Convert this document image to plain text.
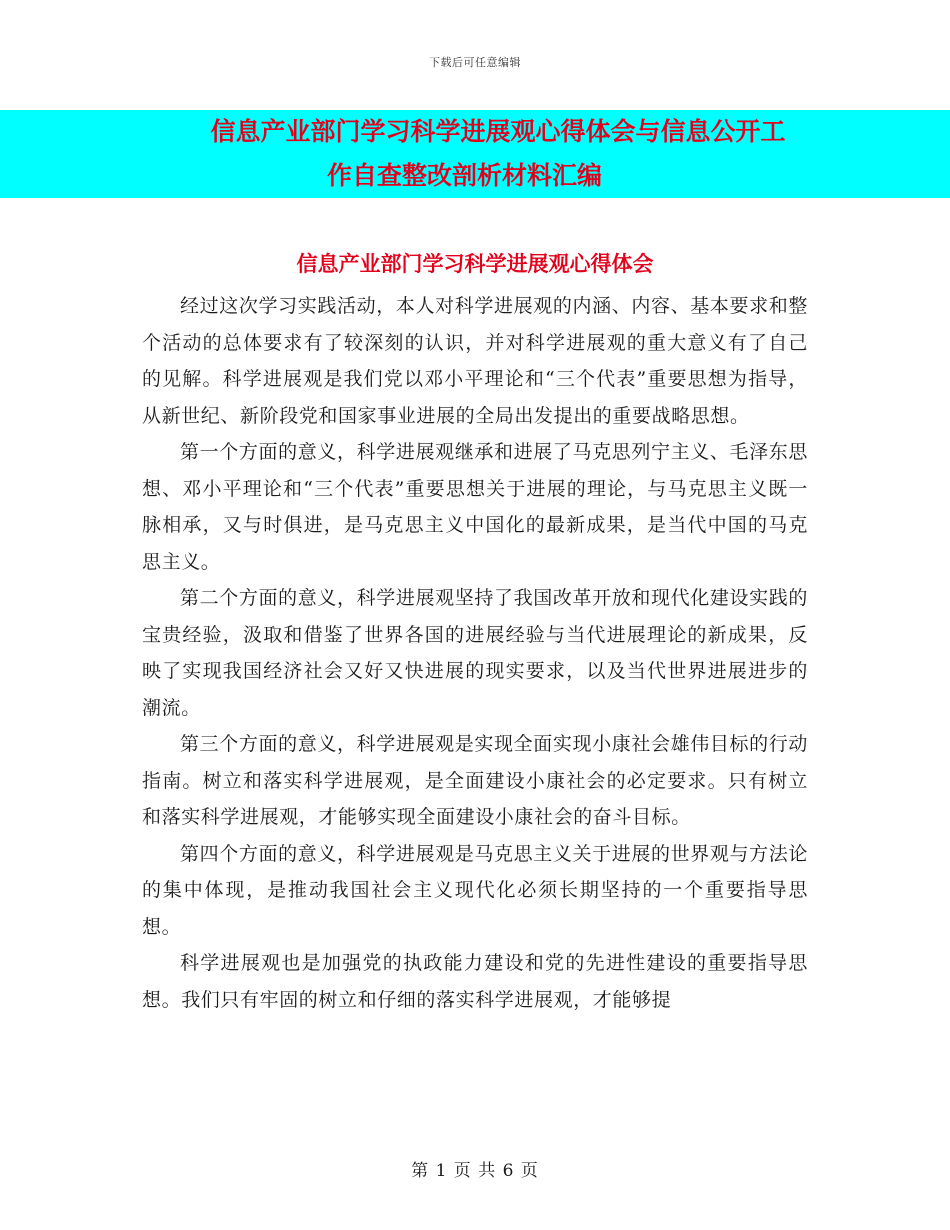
下载后可任意编辑
信息产业部门学习科学进展观心得体会与信息公开工
作自查整改剖析材料汇编
信息产业部门学习科学进展观心得体会

经过这次学习实践活动，本人对科学进展观的内涵、内容、基本要求和整个活动的总体要求有了较深刻的认识，并对科学进展观的重大意义有了自己的见解。科学进展观是我们党以邓小平理论和“三个代表”重要思想为指导，从新世纪、新阶段党和国家事业进展的全局出发提出的重要战略思想。

第一个方面的意义，科学进展观继承和进展了马克思列宁主义、毛泽东思想、邓小平理论和“三个代表”重要思想关于进展的理论，与马克思主义既一脉相承，又与时俱进，是马克思主义中国化的最新成果，是当代中国的马克思主义。

第二个方面的意义，科学进展观坚持了我国改革开放和现代化建设实践的宝贵经验，汲取和借鉴了世界各国的进展经验与当代进展理论的新成果，反映了实现我国经济社会又好又快进展的现实要求，以及当代世界进展进步的潮流。

第三个方面的意义，科学进展观是实现全面实现小康社会雄伟目标的行动指南。树立和落实科学进展观，是全面建设小康社会的必定要求。只有树立和落实科学进展观，才能够实现全面建设小康社会的奋斗目标。

第四个方面的意义，科学进展观是马克思主义关于进展的世界观与方法论的集中体现，是推动我国社会主义现代化必须长期坚持的一个重要指导思想。

科学进展观也是加强党的执政能力建设和党的先进性建设的重要指导思想。我们只有牢固的树立和仔细的落实科学进展观，才能够提

第 1 页 共 6 页
